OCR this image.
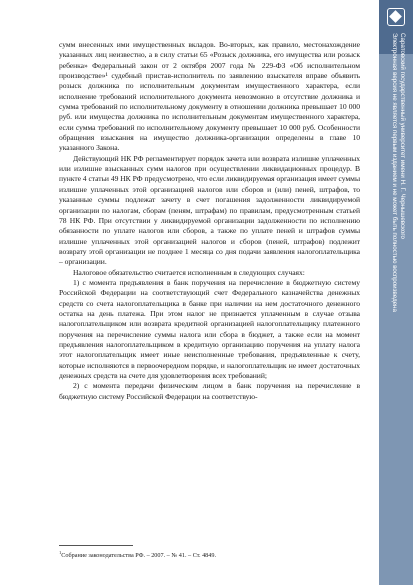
сумм внесенных ими имущественных вкладов. Во-вторых, как правило, местонахождение указанных лиц неизвестно, а в силу статьи 65 «Розыск должника, его имущества или розыск ребенка» Федеральный закон от 2 октября 2007 года № 229-ФЗ «Об исполнительном производстве»¹ судебный пристав-исполнитель по заявлению взыскателя вправе объявить розыск должника по исполнительным документам имущественного характера, если исполнение требований исполнительного документа невозможно в отсутствие должника и сумма требований по исполнительному документу в отношении должника превышает 10 000 руб. или имущества должника по исполнительным документам имущественного характера, если сумма требований по исполнительному документу превышает 10 000 руб. Особенности обращения взыскания на имущество должника-организации определены в главе 10 указанного Закона.

Действующий НК РФ регламентирует порядок зачета или возврата излишне уплаченных или излишне взысканных сумм налогов при осуществлении ликвидационных процедур. В пункте 4 статьи 49 НК РФ предусмотрено, что если ликвидируемая организация имеет суммы излишне уплаченных этой организацией налогов или сборов и (или) пеней, штрафов, то указанные суммы подлежат зачету в счет погашения задолженности ликвидируемой организации по налогам, сборам (пеням, штрафам) по правилам, предусмотренным статьей 78 НК РФ. При отсутствии у ликвидируемой организации задолженности по исполнению обязанности по уплате налогов или сборов, а также по уплате пеней и штрафов суммы излишне уплаченных этой организацией налогов и сборов (пеней, штрафов) подлежит возврату этой организации не позднее 1 месяца со дня подачи заявления налогоплательщика – организации.

Налоговое обязательство считается исполненным в следующих случаях:

1) с момента предъявления в банк поручения на перечисление в бюджетную систему Российской Федерации на соответствующий счет Федерального казначейства денежных средств со счета налогоплательщика в банке при наличии на нем достаточного денежного остатка на день платежа. При этом налог не признается уплаченным в случае отзыва налогоплательщиком или возврата кредитной организацией налогоплательщику платежного поручения на перечисление суммы налога или сбора в бюджет, а также если на момент предъявления налогоплательщиком в кредитную организацию поручения на уплату налога этот налогоплательщик имеет иные неисполненные требования, предъявленные к счету, которые исполняются в первоочередном порядке, и налогоплательщик не имеет достаточных денежных средств на счете для удовлетворения всех требований;

2) с момента передачи физическим лицом в банк поручения на перечисление в бюджетную систему Российской Федерации на соответствую-

$^1$Собрание законодательства РФ. – 2007. – № 41. – Ст. 4849.
Саратовский государственный университет имени Н. Г. Чернышевского
Электронная версия не является первым изданием и не может быть полностью воспроизведена
